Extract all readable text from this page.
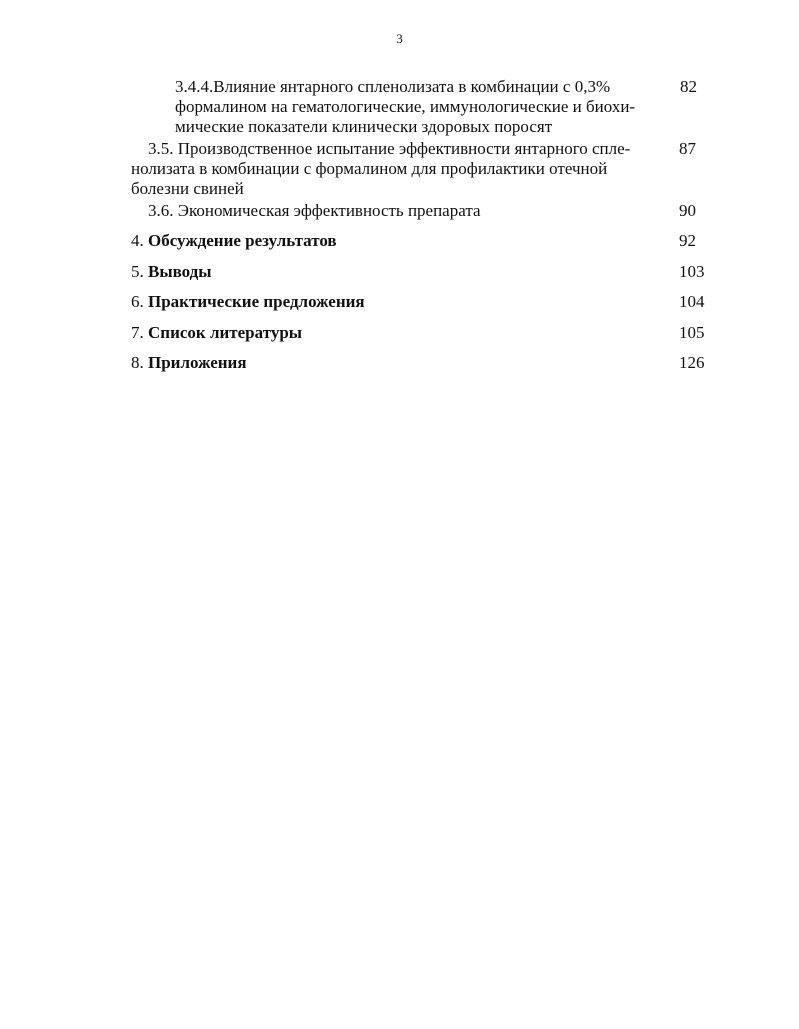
3
3.4.4.Влияние янтарного спленолизата в комбинации с 0,3%
формалином на гематологические, иммунологические и биохи-
мические показатели клинически здоровых поросят
82
3.5. Производственное испытание эффективности янтарного спле-
нолизата в комбинации с формалином для профилактики отечной
болезни свиней
87
3.6. Экономическая эффективность препарата	90
4. Обсуждение результатов	92
5. Выводы	103
6. Практические предложения	104
7. Список литературы	105
8. Приложения	126
